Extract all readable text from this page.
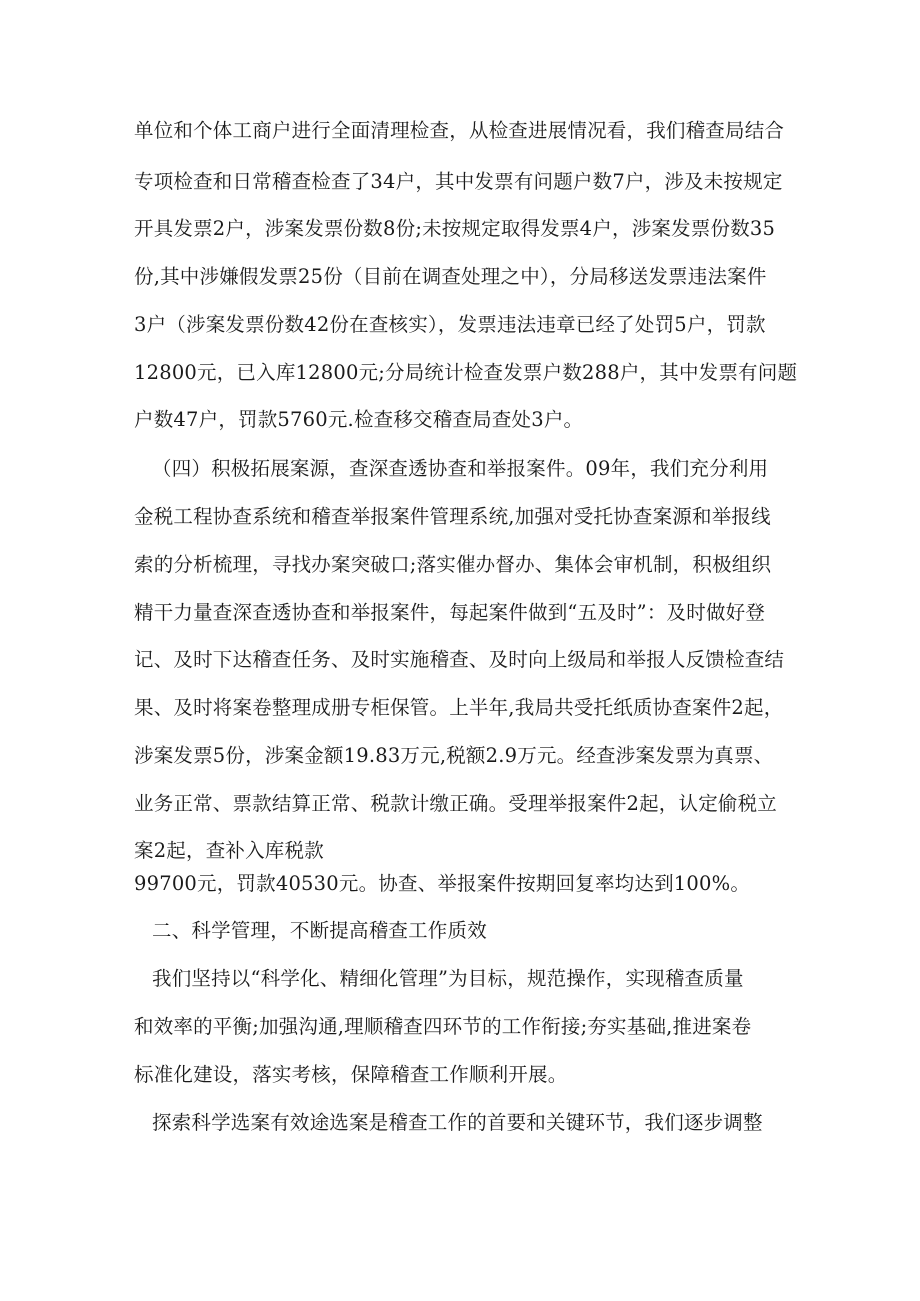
单位和个体工商户进行全面清理检查，从检查进展情况看，我们稽查局结合
专项检查和日常稽查检查了34户，其中发票有问题户数7户，涉及未按规定
开具发票2户，涉案发票份数8份;未按规定取得发票4户，涉案发票份数35
份,其中涉嫌假发票25份（目前在调查处理之中），分局移送发票违法案件
3户（涉案发票份数42份在查核实），发票违法违章已经了处罚5户，罚款
12800元，已入库12800元;分局统计检查发票户数288户，其中发票有问题
户数47户，罚款5760元.检查移交稽查局查处3户。
（四）积极拓展案源，查深查透协查和举报案件。09年，我们充分利用
金税工程协查系统和稽查举报案件管理系统,加强对受托协查案源和举报线
索的分析梳理，寻找办案突破口;落实催办督办、集体会审机制，积极组织
精干力量查深查透协查和举报案件，每起案件做到“五及时”：及时做好登
记、及时下达稽查任务、及时实施稽查、及时向上级局和举报人反馈检查结
果、及时将案卷整理成册专柜保管。上半年,我局共受托纸质协查案件2起，
涉案发票5份，涉案金额19.83万元,税额2.9万元。经查涉案发票为真票、
业务正常、票款结算正常、税款计缴正确。受理举报案件2起，认定偷税立
案2起，查补入库税款
99700元，罚款40530元。协查、举报案件按期回复率均达到100%。
二、科学管理，不断提高稽查工作质效
我们坚持以“科学化、精细化管理”为目标，规范操作，实现稽查质量
和效率的平衡;加强沟通,理顺稽查四环节的工作衔接;夯实基础,推进案卷
标准化建设，落实考核，保障稽查工作顺利开展。
探索科学选案有效途选案是稽查工作的首要和关键环节，我们逐步调整
